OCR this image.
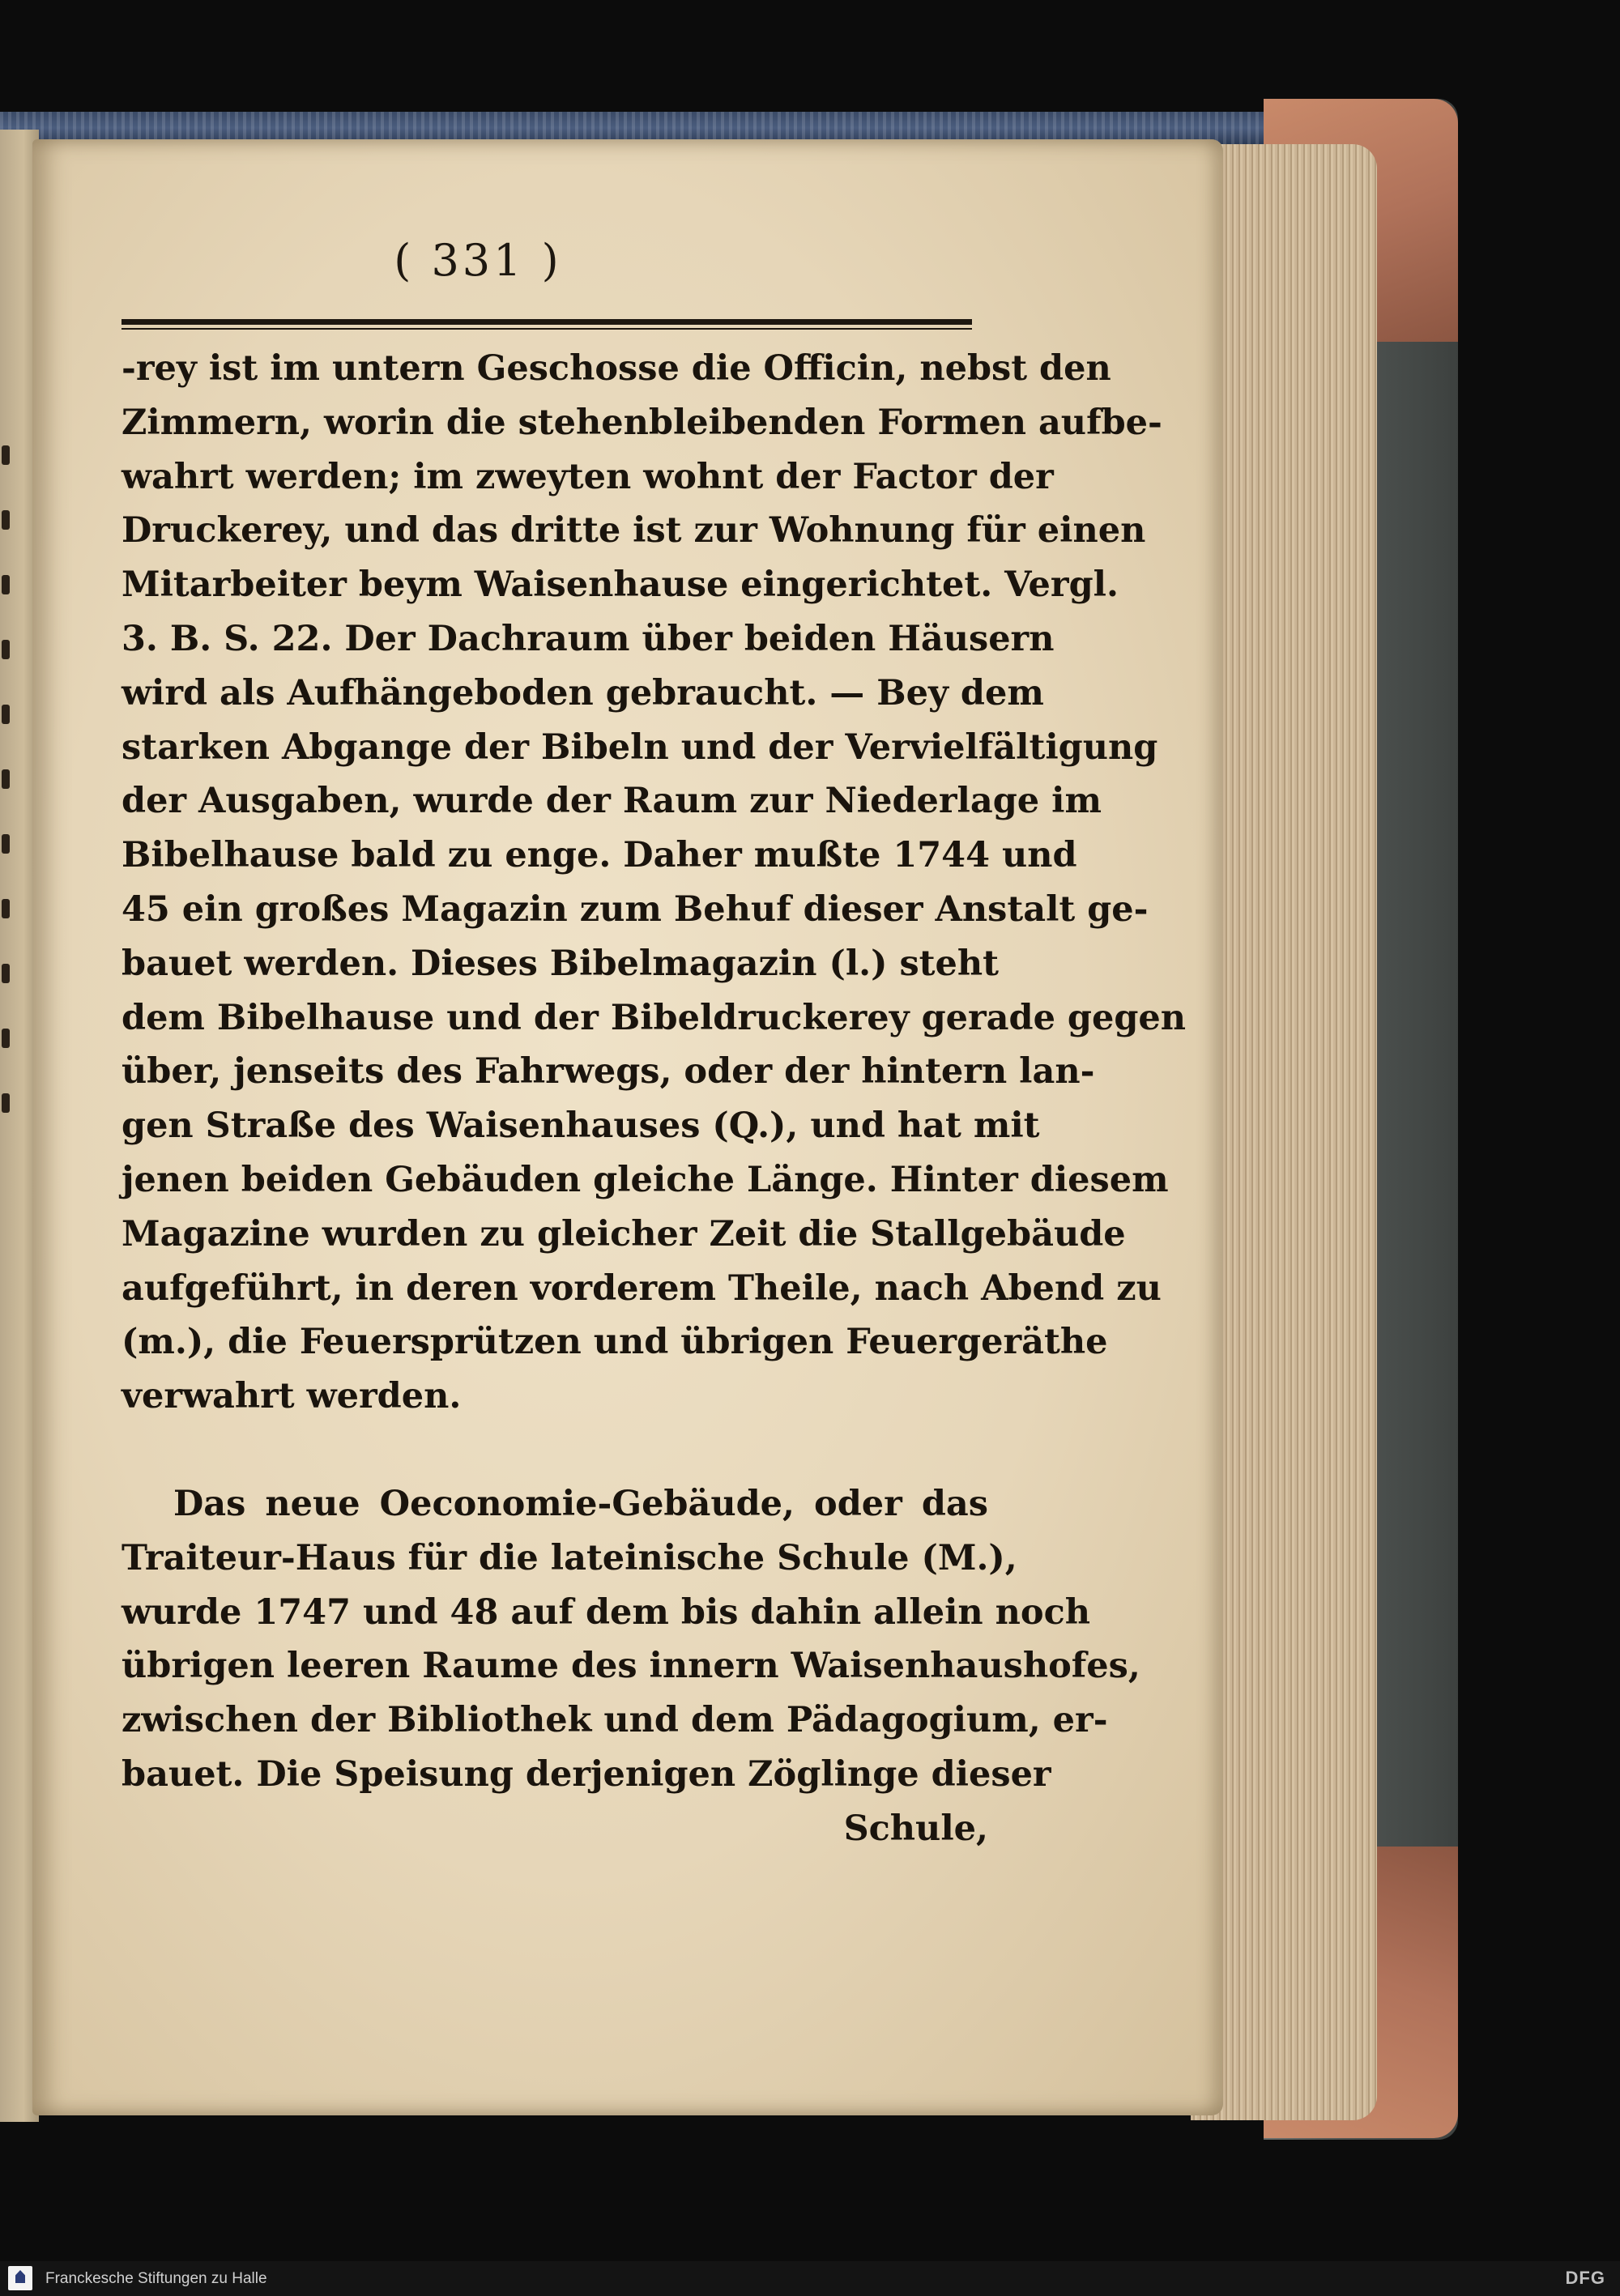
( 331 )
-rey ist im untern Geschosse die Officin, nebst den
Zimmern, worin die stehenbleibenden Formen aufbe-
wahrt werden; im zweyten wohnt der Factor der
Druckerey, und das dritte ist zur Wohnung für einen
Mitarbeiter beym Waisenhause eingerichtet. Vergl.
3. B. S. 22. Der Dachraum über beiden Häusern
wird als Aufhängeboden gebraucht. — Bey dem
starken Abgange der Bibeln und der Vervielfältigung
der Ausgaben, wurde der Raum zur Niederlage im
Bibelhause bald zu enge. Daher mußte 1744 und
45 ein großes Magazin zum Behuf dieser Anstalt ge-
bauet werden. Dieses Bibelmagazin (l.) steht
dem Bibelhause und der Bibeldruckerey gerade gegen
über, jenseits des Fahrwegs, oder der hintern lan-
gen Straße des Waisenhauses (Q.), und hat mit
jenen beiden Gebäuden gleiche Länge. Hinter diesem
Magazine wurden zu gleicher Zeit die Stallgebäude
aufgeführt, in deren vorderem Theile, nach Abend zu
(m.), die Feuersprützen und übrigen Feuergeräthe
verwahrt werden.
Das neue Oeconomie-Gebäude, oder das
Traiteur-Haus für die lateinische Schule (M.),
wurde 1747 und 48 auf dem bis dahin allein noch
übrigen leeren Raume des innern Waisenhaushofes,
zwischen der Bibliothek und dem Pädagogium, er-
bauet. Die Speisung derjenigen Zöglinge dieser
Schule,
Franckesche Stiftungen zu Halle	DFG
